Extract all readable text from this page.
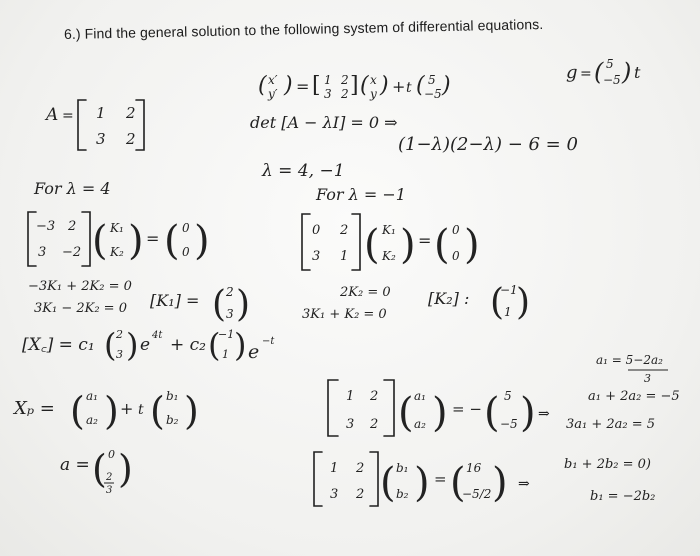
6.) Find the general solution to the following system of differential equations.
( x′
y′ ) = [ 1 2
3 2 ] ( x
y ) + t ( 5
−5 )
g = ( 5
−5 ) t
A = 1 2
3 2
det [A − λI] = 0 ⇒
(1−λ)(2−λ) − 6 = 0
λ = 4, −1
For λ = 4	For λ = −1
−3 2
3 −2 ( K₁
K₂ ) = ( 0
0 )	0 2
3 1 ( K₁
K₂ ) = ( 0
0 )
−3K₁ + 2K₂ = 0
3K₁ − 2K₂ = 0 [K₁] = ( 2
3 )	2K₂ = 0
3K₁ + K₂ = 0
[K₂] : (
−1
1 )
[X꜀] = c₁ ( 2
3 ) e 4t + c₂ (
−1
1 ) e −t
Xₚ = ( a₁
a₂ ) + t ( b₁
b₂ )	1 2
3 2 ( a₁
a₂ ) = − ( 5
−5 ) ⇒
a₁ = 5−2a₂
3
a₁ + 2a₂ = −5
3a₁ + 2a₂ = 5
1 2
3 2 ( b₁
b₂ ) = ( 16
−5/2 ) ⇒
b₁ + 2b₂ = 0)
b₁ = −2b₂
a = ( 0
2
3 )
